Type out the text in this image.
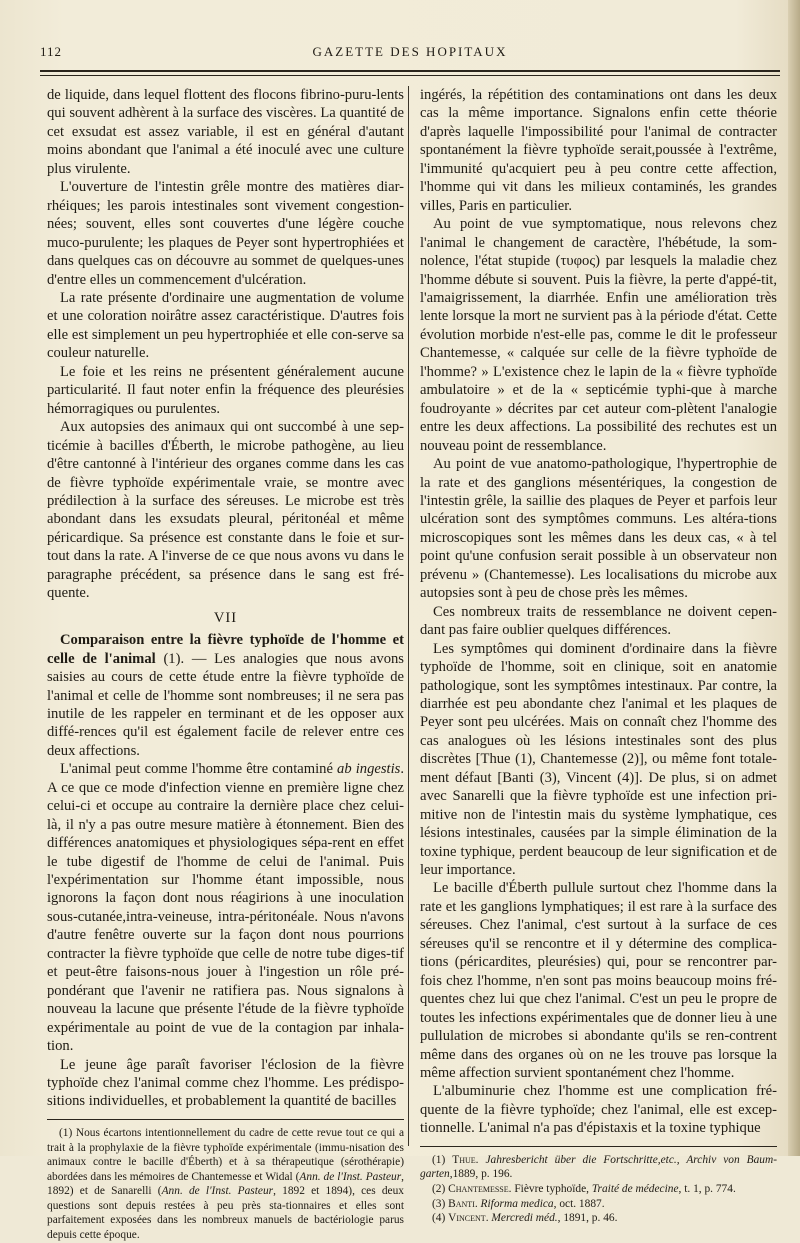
112	GAZETTE DES HOPITAUX

de liquide, dans lequel flottent des flocons fibrino-puru-lents qui souvent adhèrent à la surface des viscères. La quantité de cet exsudat est assez variable, il est en général d'autant moins abondant que l'animal a été inoculé avec une culture plus virulente.

L'ouverture de l'intestin grêle montre des matières diar-rhéiques; les parois intestinales sont vivement congestion-nées; souvent, elles sont couvertes d'une légère couche muco-purulente; les plaques de Peyer sont hypertrophiées et dans quelques cas on découvre au sommet de quelques-unes d'entre elles un commencement d'ulcération.

La rate présente d'ordinaire une augmentation de volume et une coloration noirâtre assez caractéristique. D'autres fois elle est simplement un peu hypertrophiée et elle con-serve sa couleur naturelle.

Le foie et les reins ne présentent généralement aucune particularité. Il faut noter enfin la fréquence des pleurésies hémorragiques ou purulentes.

Aux autopsies des animaux qui ont succombé à une sep-ticémie à bacilles d'Éberth, le microbe pathogène, au lieu d'être cantonné à l'intérieur des organes comme dans les cas de fièvre typhoïde expérimentale vraie, se montre avec prédilection à la surface des séreuses. Le microbe est très abondant dans les exsudats pleural, péritonéal et même péricardique. Sa présence est constante dans le foie et sur-tout dans la rate. A l'inverse de ce que nous avons vu dans le paragraphe précédent, sa présence dans le sang est fré-quente.

VII

Comparaison entre la fièvre typhoïde de l'homme et celle de l'animal (1). — Les analogies que nous avons saisies au cours de cette étude entre la fièvre typhoïde de l'animal et celle de l'homme sont nombreuses; il ne sera pas inutile de les rappeler en terminant et de les opposer aux diffé-rences qu'il est également facile de relever entre ces deux affections.

L'animal peut comme l'homme être contaminé ab ingestis. A ce que ce mode d'infection vienne en première ligne chez celui-ci et occupe au contraire la dernière place chez celui-là, il n'y a pas outre mesure matière à étonnement. Bien des différences anatomiques et physiologiques sépa-rent en effet le tube digestif de l'homme de celui de l'animal. Puis l'expérimentation sur l'homme étant impossible, nous ignorons la façon dont nous réagirions à une inoculation sous-cutanée,intra-veineuse, intra-péritonéale. Nous n'avons d'autre fenêtre ouverte sur la façon dont nous pourrions contracter la fièvre typhoïde que celle de notre tube diges-tif et peut-être faisons-nous jouer à l'ingestion un rôle pré-pondérant que l'avenir ne ratifiera pas. Nous signalons à nouveau la lacune que présente l'étude de la fièvre typhoïde expérimentale au point de vue de la contagion par inhala-tion.

Le jeune âge paraît favoriser l'éclosion de la fièvre typhoïde chez l'animal comme chez l'homme. Les prédispo-sitions individuelles, et probablement la quantité de bacilles

(1) Nous écartons intentionnellement du cadre de cette revue tout ce qui a trait à la prophylaxie de la fièvre typhoïde expérimentale (immu-nisation des animaux contre le bacille d'Éberth) et à sa thérapeutique (sérothérapie) abordées dans les mémoires de Chantemesse et Widal (Ann. de l'Inst. Pasteur, 1892) et de Sanarelli (Ann. de l'Inst. Pasteur, 1892 et 1894), ces deux questions sont depuis restées à peu près sta-tionnaires et elles sont parfaitement exposées dans les nombreux manuels de bactériologie parus depuis cette époque.

ingérés, la répétition des contaminations ont dans les deux cas la même importance. Signalons enfin cette théorie d'après laquelle l'impossibilité pour l'animal de contracter spontanément la fièvre typhoïde serait,poussée à l'extrême, l'immunité qu'acquiert peu à peu contre cette affection, l'homme qui vit dans les milieux contaminés, les grandes villes, Paris en particulier.

Au point de vue symptomatique, nous relevons chez l'animal le changement de caractère, l'hébétude, la som-nolence, l'état stupide (τυφος) par lesquels la maladie chez l'homme débute si souvent. Puis la fièvre, la perte d'appé-tit, l'amaigrissement, la diarrhée. Enfin une amélioration très lente lorsque la mort ne survient pas à la période d'état. Cette évolution morbide n'est-elle pas, comme le dit le professeur Chantemesse, « calquée sur celle de la fièvre typhoïde de l'homme? » L'existence chez le lapin de la « fièvre typhoïde ambulatoire » et de la « septicémie typhi-que à marche foudroyante » décrites par cet auteur com-plètent l'analogie entre les deux affections. La possibilité des rechutes est un nouveau point de ressemblance.

Au point de vue anatomo-pathologique, l'hypertrophie de la rate et des ganglions mésentériques, la congestion de l'intestin grêle, la saillie des plaques de Peyer et parfois leur ulcération sont des symptômes communs. Les altéra-tions microscopiques sont les mêmes dans les deux cas, « à tel point qu'une confusion serait possible à un observateur non prévenu » (Chantemesse). Les localisations du microbe aux autopsies sont à peu de chose près les mêmes.

Ces nombreux traits de ressemblance ne doivent cepen-dant pas faire oublier quelques différences.

Les symptômes qui dominent d'ordinaire dans la fièvre typhoïde de l'homme, soit en clinique, soit en anatomie pathologique, sont les symptômes intestinaux. Par contre, la diarrhée est peu abondante chez l'animal et les plaques de Peyer sont peu ulcérées. Mais on connaît chez l'homme des cas analogues où les lésions intestinales sont des plus discrètes [Thue (1), Chantemesse (2)], ou même font totale-ment défaut [Banti (3), Vincent (4)]. De plus, si on admet avec Sanarelli que la fièvre typhoïde est une infection pri-mitive non de l'intestin mais du système lymphatique, ces lésions intestinales, causées par la simple élimination de la toxine typhique, perdent beaucoup de leur signification et de leur importance.

Le bacille d'Éberth pullule surtout chez l'homme dans la rate et les ganglions lymphatiques; il est rare à la surface des séreuses. Chez l'animal, c'est surtout à la surface de ces séreuses qu'il se rencontre et il y détermine des complica-tions (péricardites, pleurésies) qui, pour se rencontrer par-fois chez l'homme, n'en sont pas moins beaucoup moins fré-quentes chez lui que chez l'animal. C'est un peu le propre de toutes les infections expérimentales que de donner lieu à une pullulation de microbes si abondante qu'ils se ren-contrent même dans des organes où on ne les trouve pas lorsque la même affection survient spontanément chez l'homme.

L'albuminurie chez l'homme est une complication fré-quente de la fièvre typhoïde; chez l'animal, elle est excep-tionnelle. L'animal n'a pas d'épistaxis et la toxine typhique

(1) Thue. Jahresbericht über die Fortschritte,etc., Archiv von Baum-garten,1889, p. 196.

(2) Chantemesse. Fièvre typhoïde, Traité de médecine, t. 1, p. 774.

(3) Banti. Riforma medica, oct. 1887.

(4) Vincent. Mercredi méd., 1891, p. 46.
